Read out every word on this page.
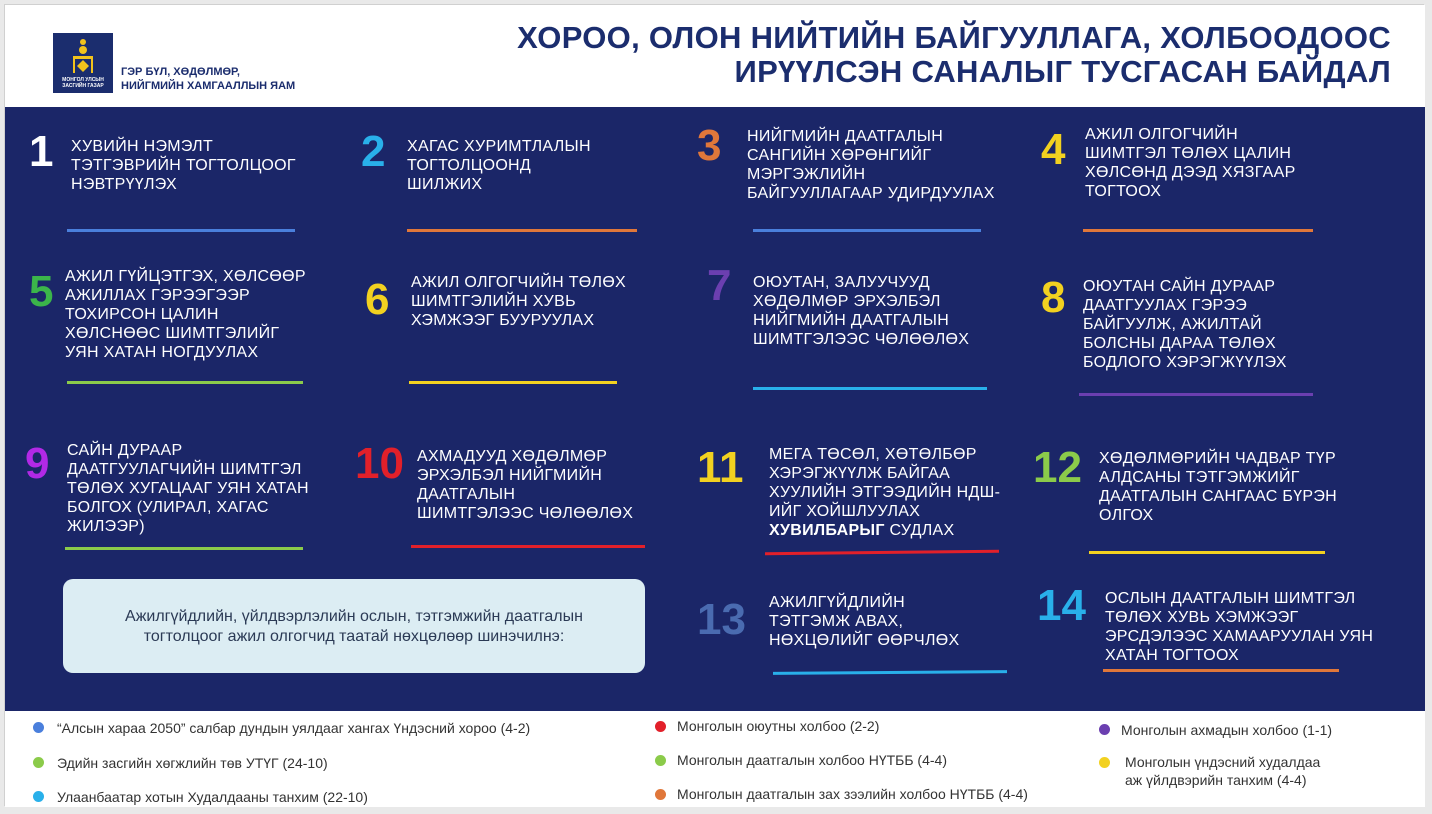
МОНГОЛ УЛСЫН ЗАСГИЙН ГАЗАР
ГЭР БҮЛ, ХӨДӨЛМӨР,
НИЙГМИЙН ХАМГААЛЛЫН ЯАМ
ХОРОО, ОЛОН НИЙТИЙН БАЙГУУЛЛАГА, ХОЛБООДООС
ИРҮҮЛСЭН САНАЛЫГ ТУСГАСАН БАЙДАЛ
1 ХУВИЙН НЭМЭЛТ
ТЭТГЭВРИЙН ТОГТОЛЦООГ
НЭВТРҮҮЛЭХ
2 ХАГАС ХУРИМТЛАЛЫН
ТОГТОЛЦООНД
ШИЛЖИХ
3 НИЙГМИЙН ДААТГАЛЫН
САНГИЙН ХӨРӨНГИЙГ
МЭРГЭЖЛИЙН
БАЙГУУЛЛАГААР УДИРДУУЛАХ
4 АЖИЛ ОЛГОГЧИЙН
ШИМТГЭЛ ТӨЛӨХ ЦАЛИН
ХӨЛСӨНД ДЭЭД ХЯЗГААР
ТОГТООХ
5 АЖИЛ ГҮЙЦЭТГЭХ, ХӨЛСӨӨР
АЖИЛЛАХ ГЭРЭЭГЭЭР
ТОХИРСОН ЦАЛИН
ХӨЛСНӨӨС ШИМТГЭЛИЙГ
УЯН ХАТАН НОГДУУЛАХ
6 АЖИЛ ОЛГОГЧИЙН ТӨЛӨХ
ШИМТГЭЛИЙН ХУВЬ
ХЭМЖЭЭГ БУУРУУЛАХ
7 ОЮУТАН, ЗАЛУУЧУУД
ХӨДӨЛМӨР ЭРХЭЛБЭЛ
НИЙГМИЙН ДААТГАЛЫН
ШИМТГЭЛЭЭС ЧӨЛӨӨЛӨХ
8 ОЮУТАН САЙН ДУРААР
ДААТГУУЛАХ ГЭРЭЭ
БАЙГУУЛЖ, АЖИЛТАЙ
БОЛСНЫ ДАРАА ТӨЛӨХ
БОДЛОГО ХЭРЭГЖҮҮЛЭХ
9 САЙН ДУРААР
ДААТГУУЛАГЧИЙН ШИМТГЭЛ
ТӨЛӨХ ХУГАЦААГ УЯН ХАТАН
БОЛГОХ (УЛИРАЛ, ХАГАС
ЖИЛЭЭР)
10 АХМАДУУД ХӨДӨЛМӨР
ЭРХЭЛБЭЛ НИЙГМИЙН
ДААТГАЛЫН
ШИМТГЭЛЭЭС ЧӨЛӨӨЛӨХ
11 МЕГА ТӨСӨЛ, ХӨТӨЛБӨР
ХЭРЭГЖҮҮЛЖ БАЙГАА
ХУУЛИЙН ЭТГЭЭДИЙН НДШ-
ИЙГ ХОЙШЛУУЛАХ
ХУВИЛБАРЫГ СУДЛАХ
12 ХӨДӨЛМӨРИЙН ЧАДВАР ТҮР
АЛДСАНЫ ТЭТГЭМЖИЙГ
ДААТГАЛЫН САНГААС БҮРЭН
ОЛГОХ
13 АЖИЛГҮЙДЛИЙН
ТЭТГЭМЖ АВАХ,
НӨХЦӨЛИЙГ ӨӨРЧЛӨХ
14 ОСЛЫН ДААТГАЛЫН ШИМТГЭЛ
ТӨЛӨХ ХУВЬ ХЭМЖЭЭГ
ЭРСДЭЛЭЭС ХАМААРУУЛАН УЯН
ХАТАН ТОГТООХ
Ажилгүйдлийн, үйлдвэрлэлийн ослын, тэтгэмжийн даатгалын
тогтолцоог ажил олгогчид таатай нөхцөлөөр шинэчилнэ:
“Алсын хараа 2050” салбар дундын уялдааг хангах Үндэсний хороо (4-2)
Эдийн засгийн хөгжлийн төв УТҮГ (24-10)
Улаанбаатар хотын Худалдааны танхим (22-10)
Монголын оюутны холбоо (2-2)
Монголын даатгалын холбоо НҮТББ (4-4)
Монголын даатгалын зах зээлийн холбоо НҮТББ (4-4)
Монголын ахмадын холбоо (1-1)
Монголын үндэсний худалдаа
аж үйлдвэрийн танхим (4-4)
